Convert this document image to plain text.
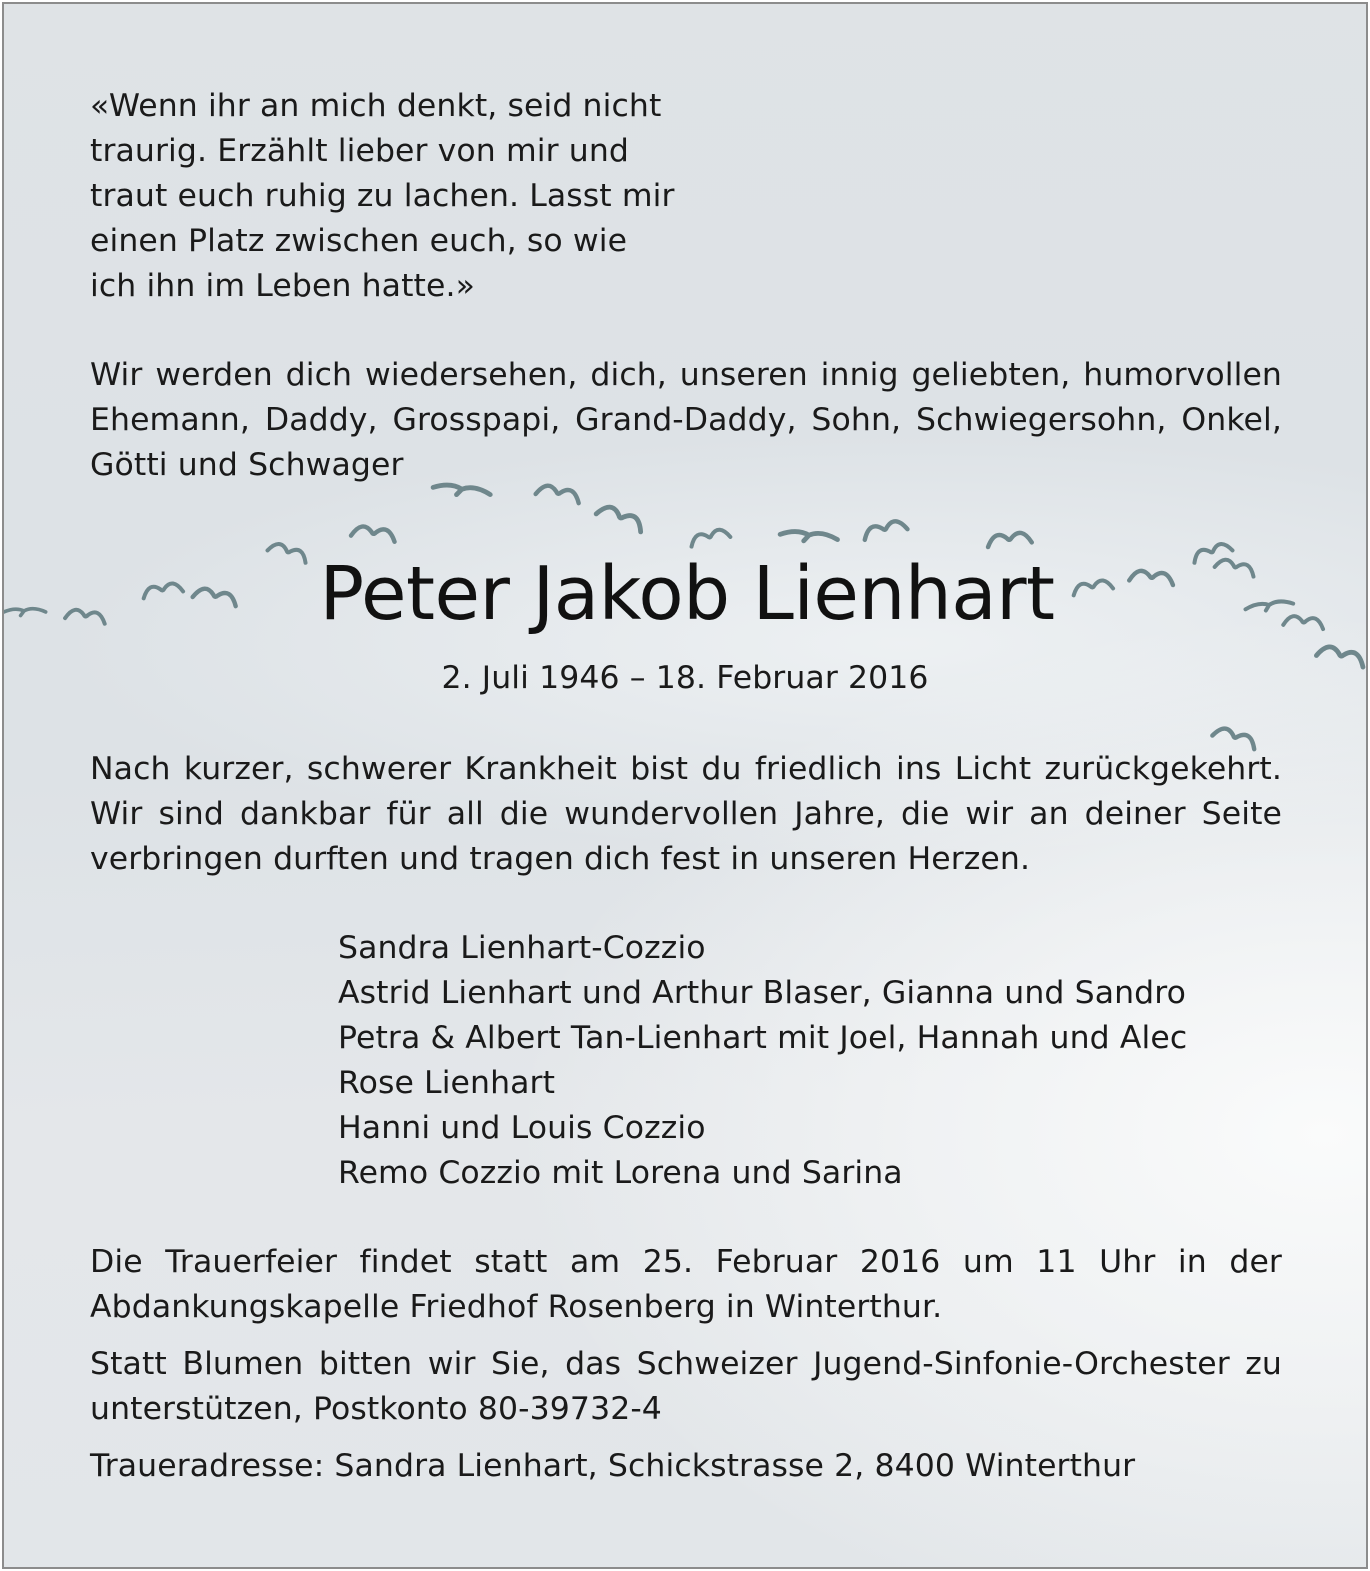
«Wenn ihr an mich denkt, seid nicht
traurig. Erzählt lieber von mir und
traut euch ruhig zu lachen. Lasst mir
einen Platz zwischen euch, so wie
ich ihn im Leben hatte.»

Wir werden dich wiedersehen, dich, unseren innig geliebten, humorvollen Ehemann, Daddy, Grosspapi, Grand-Daddy, Sohn, Schwiegersohn, Onkel, Götti und Schwager

Peter Jakob Lienhart

2. Juli 1946 – 18. Februar 2016

Nach kurzer, schwerer Krankheit bist du friedlich ins Licht zurückgekehrt. Wir sind dankbar für all die wundervollen Jahre, die wir an deiner Seite verbringen durften und tragen dich fest in unseren Herzen.

Sandra Lienhart-Cozzio
Astrid Lienhart und Arthur Blaser, Gianna und Sandro
Petra & Albert Tan-Lienhart mit Joel, Hannah und Alec
Rose Lienhart
Hanni und Louis Cozzio
Remo Cozzio mit Lorena und Sarina

Die Trauerfeier findet statt am 25. Februar 2016 um 11 Uhr in der Abdankungskapelle Friedhof Rosenberg in Winterthur.

Statt Blumen bitten wir Sie, das Schweizer Jugend-Sinfonie-Orchester zu unterstützen, Postkonto 80-39732-4

Traueradresse: Sandra Lienhart, Schickstrasse 2, 8400 Winterthur
